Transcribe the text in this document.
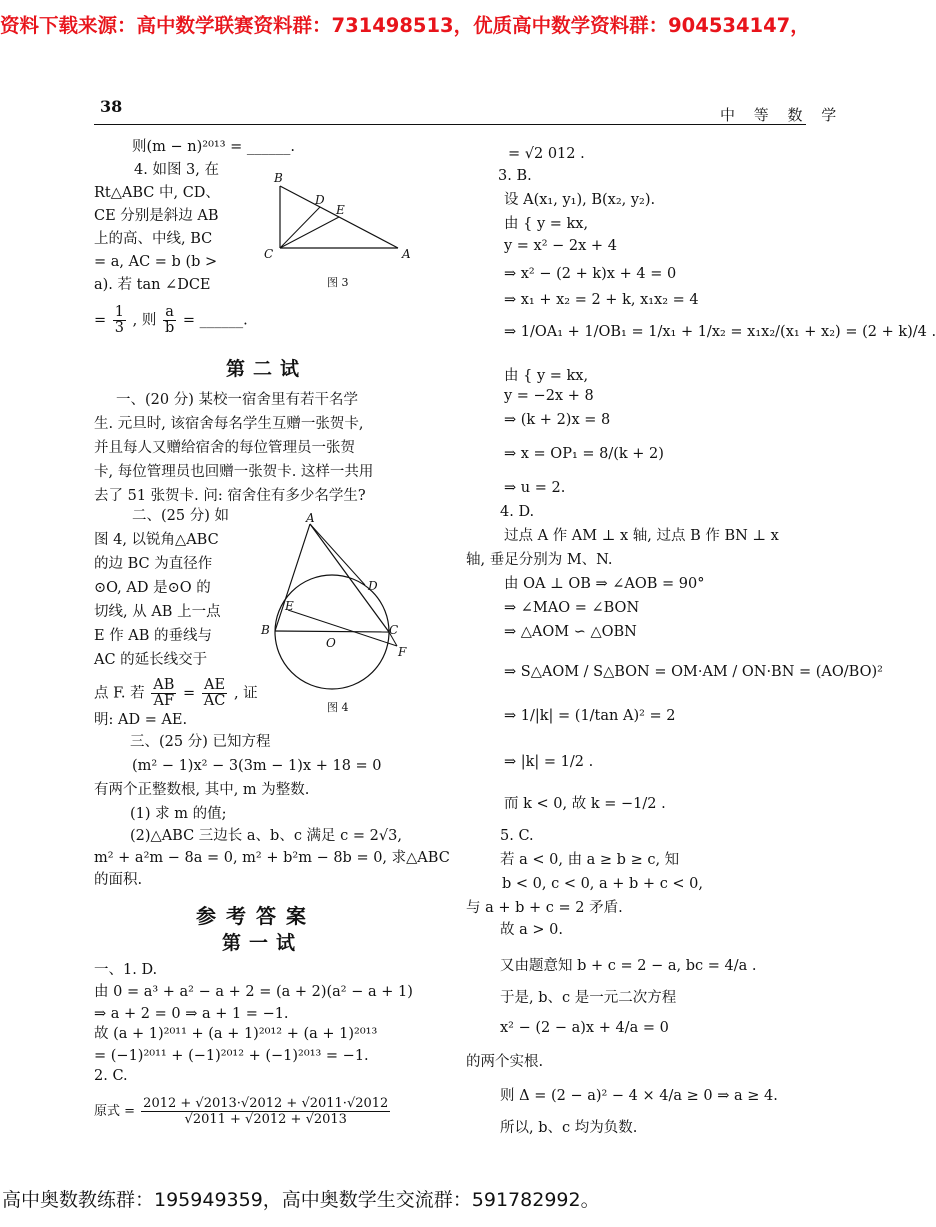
资料下载来源：高中数学联赛资料群：731498513，优质高中数学资料群：904534147，
38	中 等 数 学
则(m − n)²⁰¹³ = ______.
4. 如图 3, 在
Rt△ABC 中, CD、
CE 分别是斜边 AB
上的高、中线, BC
= a, AC = b (b >
a). 若 tan ∠DCE
= $\frac{1}{3}$ , 则 $\frac{a}{b}$ = ______.
B
C	A
D
E
图 3
第二试
一、(20 分) 某校一宿舍里有若干名学
生. 元旦时, 该宿舍每名学生互赠一张贺卡,
并且每人又赠给宿舍的每位管理员一张贺
卡, 每位管理员也回赠一张贺卡. 这样一共用
去了 51 张贺卡. 问: 宿舍住有多少名学生?
二、(25 分) 如
图 4, 以锐角△ABC
的边 BC 为直径作
⊙O, AD 是⊙O 的
切线, 从 AB 上一点
E 作 AB 的垂线与
AC 的延长线交于
点 F. 若 $\frac{AB}{AF} = \frac{AE}{AC}$ , 证
明: AD = AE.
A
B	C
D
E
O
F
图 4
三、(25 分) 已知方程
(m² − 1)x² − 3(3m − 1)x + 18 = 0
有两个正整数根, 其中, m 为整数.
(1) 求 m 的值;
(2)△ABC 三边长 a、b、c 满足 c = 2√3,
m² + a²m − 8a = 0, m² + b²m − 8b = 0, 求△ABC
的面积.
参考答案
第一试
一、1. D.
由 0 = a³ + a² − a + 2 = (a + 2)(a² − a + 1)
⇒ a + 2 = 0 ⇒ a + 1 = −1.
故 (a + 1)²⁰¹¹ + (a + 1)²⁰¹² + (a + 1)²⁰¹³
= (−1)²⁰¹¹ + (−1)²⁰¹² + (−1)²⁰¹³ = −1.
2. C.
原式 = $\frac{2012 + √2013\cdot√2012 + √2011\cdot√2012}{√2011 + √2012 + √2013}$
= √2 012 .
3. B.
设 A(x₁, y₁), B(x₂, y₂).
由 { y = kx,
y = x² − 2x + 4
⇒ x² − (2 + k)x + 4 = 0
⇒ x₁ + x₂ = 2 + k, x₁x₂ = 4
⇒ 1/OA₁ + 1/OB₁ = 1/x₁ + 1/x₂ = x₁x₂/(x₁ + x₂) = (2 + k)/4 .
由 { y = kx,
y = −2x + 8
⇒ (k + 2)x = 8
⇒ x = OP₁ = 8/(k + 2)
⇒ u = 2.
4. D.
过点 A 作 AM ⊥ x 轴, 过点 B 作 BN ⊥ x
轴, 垂足分别为 M、N.
由 OA ⊥ OB ⇒ ∠AOB = 90°
⇒ ∠MAO = ∠BON
⇒ △AOM ∽ △OBN
⇒ S△AOM / S△BON = OM·AM / ON·BN = (AO/BO)²
⇒ 1/|k| = (1/tan A)² = 2
⇒ |k| = 1/2 .
而 k < 0, 故 k = −1/2 .
5. C.
若 a < 0, 由 a ≥ b ≥ c, 知
b < 0, c < 0, a + b + c < 0,
与 a + b + c = 2 矛盾.
故 a > 0.
又由题意知 b + c = 2 − a, bc = 4/a .
于是, b、c 是一元二次方程
x² − (2 − a)x + 4/a = 0
的两个实根.
则 Δ = (2 − a)² − 4 × 4/a ≥ 0 ⇒ a ≥ 4.
所以, b、c 均为负数.
高中奥数教练群：195949359，高中奥数学生交流群：591782992。
